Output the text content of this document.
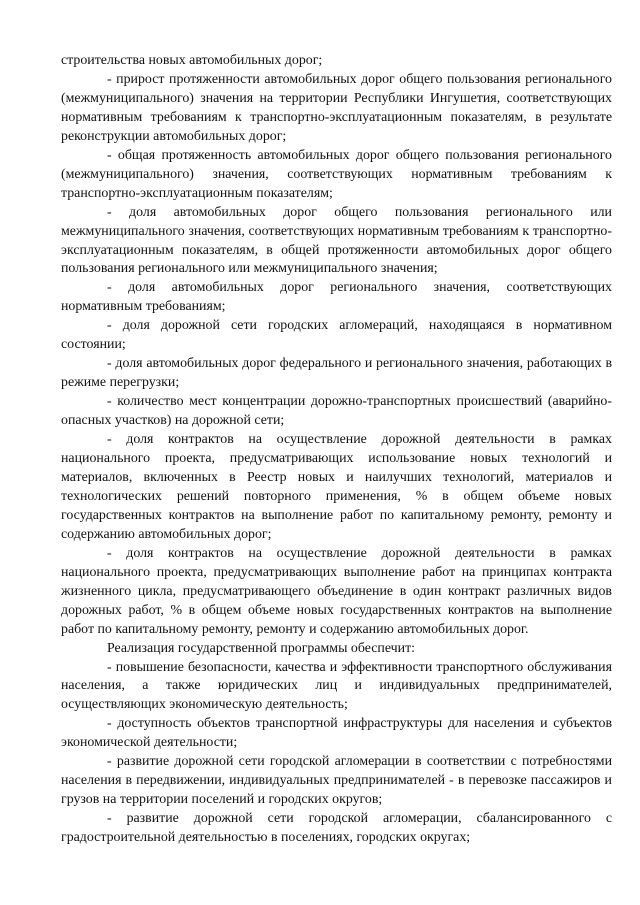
строительства новых автомобильных дорог;

- прирост протяженности автомобильных дорог общего пользования регионального (межмуниципального) значения на территории Республики Ингушетия, соответствующих нормативным требованиям к транспортно-эксплуатационным показателям, в результате реконструкции автомобильных дорог;

- общая протяженность автомобильных дорог общего пользования регионального (межмуниципального) значения, соответствующих нормативным требованиям к транспортно-эксплуатационным показателям;

- доля автомобильных дорог общего пользования регионального или межмуниципального значения, соответствующих нормативным требованиям к транспортно-эксплуатационным показателям, в общей протяженности автомобильных дорог общего пользования регионального или межмуниципального значения;

- доля автомобильных дорог регионального значения, соответствующих нормативным требованиям;

- доля дорожной сети городских агломераций, находящаяся в нормативном состоянии;

- доля автомобильных дорог федерального и регионального значения, работающих в режиме перегрузки;

- количество мест концентрации дорожно-транспортных происшествий (аварийно-опасных участков) на дорожной сети;

- доля контрактов на осуществление дорожной деятельности в рамках национального проекта, предусматривающих использование новых технологий и материалов, включенных в Реестр новых и наилучших технологий, материалов и технологических решений повторного применения, % в общем объеме новых государственных контрактов на выполнение работ по капитальному ремонту, ремонту и содержанию автомобильных дорог;

- доля контрактов на осуществление дорожной деятельности в рамках национального проекта, предусматривающих выполнение работ на принципах контракта жизненного цикла, предусматривающего объединение в один контракт различных видов дорожных работ, % в общем объеме новых государственных контрактов на выполнение работ по капитальному ремонту, ремонту и содержанию автомобильных дорог.

Реализация государственной программы обеспечит:

- повышение безопасности, качества и эффективности транспортного обслуживания населения, а также юридических лиц и индивидуальных предпринимателей, осуществляющих экономическую деятельность;

- доступность объектов транспортной инфраструктуры для населения и субъектов экономической деятельности;

- развитие дорожной сети городской агломерации в соответствии с потребностями населения в передвижении, индивидуальных предпринимателей - в перевозке пассажиров и грузов на территории поселений и городских округов;

- развитие дорожной сети городской агломерации, сбалансированного с градостроительной деятельностью в поселениях, городских округах;
